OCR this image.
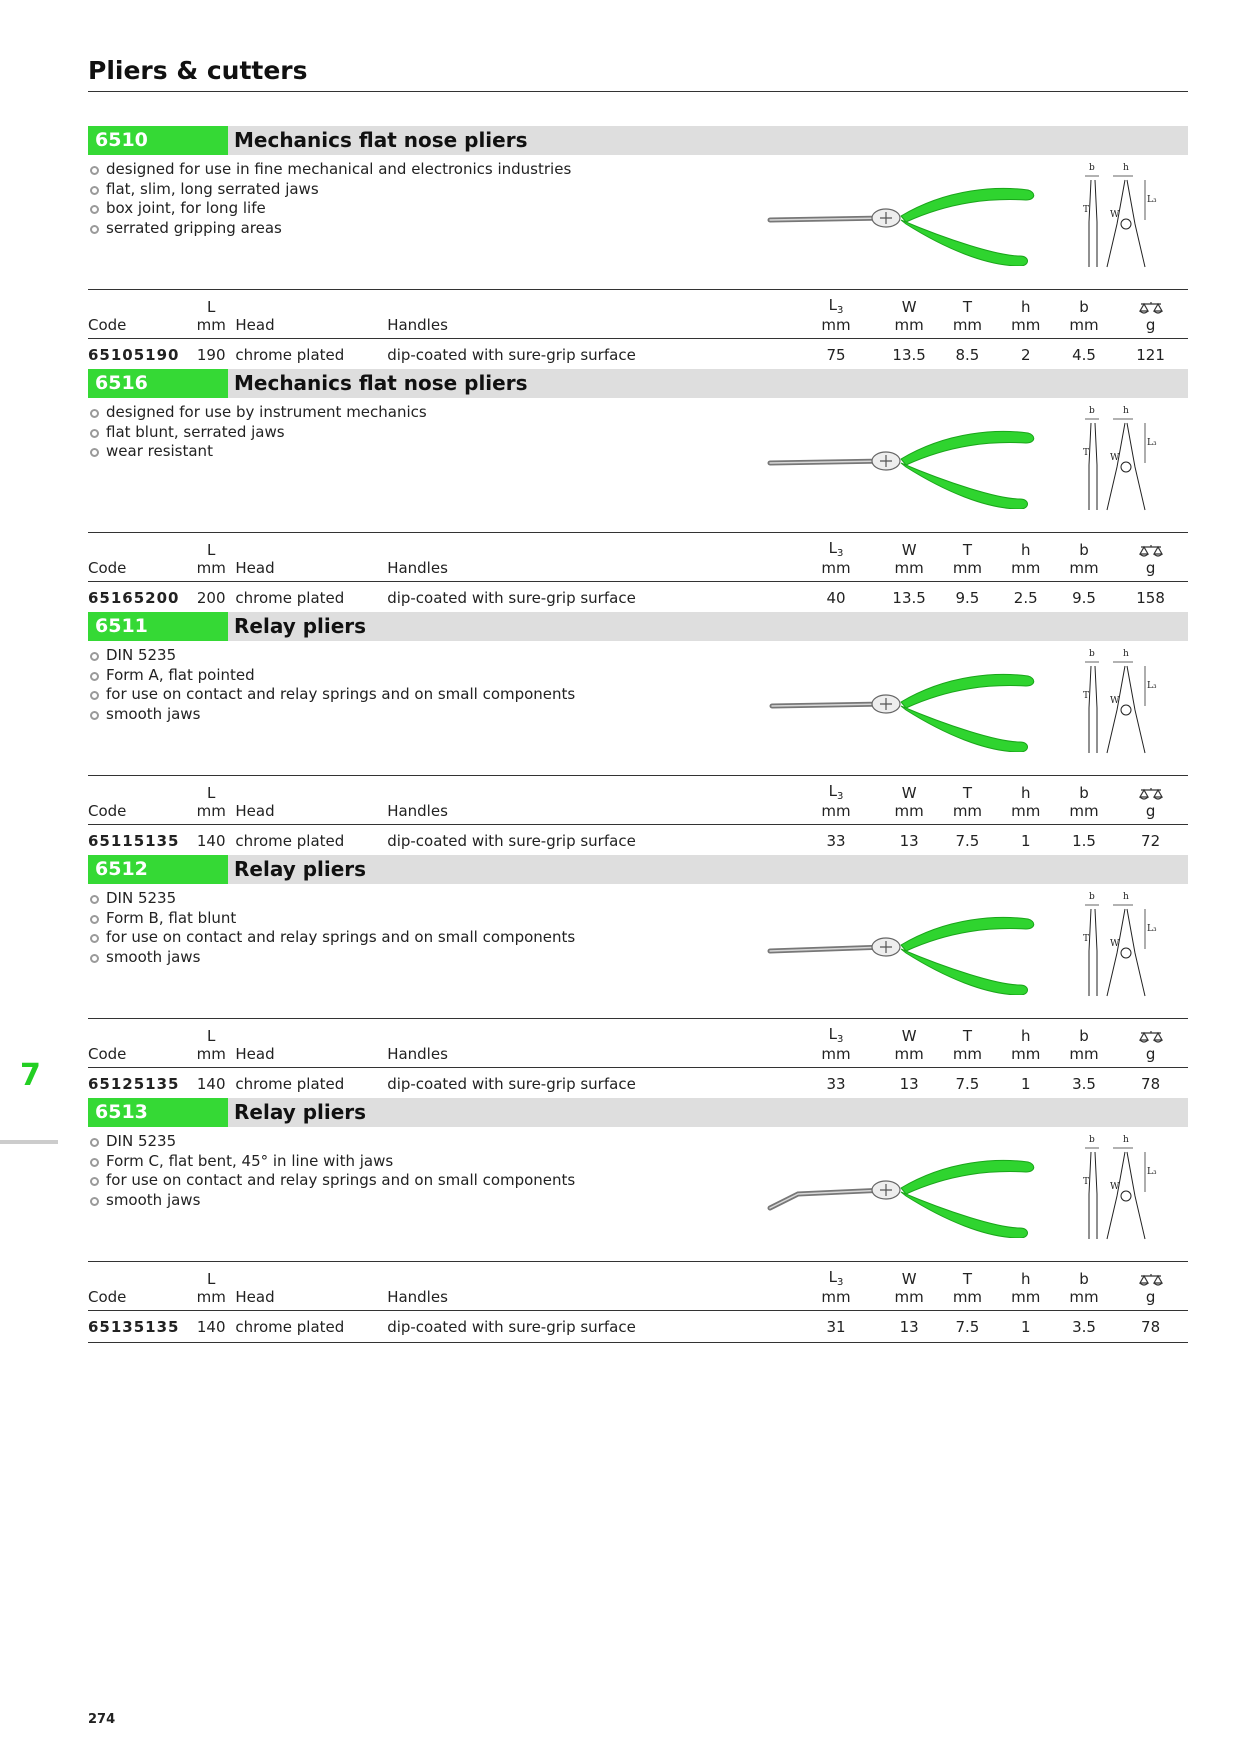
Pliers & cutters
6510	Mechanics flat nose pliers
designed for use in fine mechanical and electronics industries
flat, slim, long serrated jaws
box joint, for long life
serrated gripping areas
b	h
T W
L₃
	L			$L_3$	W	T	h	b	
Code	mm	Head	Handles	mm	mm	mm	mm	mm	g
65105190	190	chrome plated	dip-coated with sure-grip surface	75	13.5	8.5	2	4.5	121
6516	Mechanics flat nose pliers
designed for use by instrument mechanics
flat blunt, serrated jaws
wear resistant
b	h
T W
L₃
	L			$L_3$	W	T	h	b	
Code	mm	Head	Handles	mm	mm	mm	mm	mm	g
65165200	200	chrome plated	dip-coated with sure-grip surface	40	13.5	9.5	2.5	9.5	158
6511	Relay pliers
DIN 5235
Form A, flat pointed
for use on contact and relay springs and on small components
smooth jaws
b	h
T W
L₃
	L			$L_3$	W	T	h	b	
Code	mm	Head	Handles	mm	mm	mm	mm	mm	g
65115135	140	chrome plated	dip-coated with sure-grip surface	33	13	7.5	1	1.5	72
6512	Relay pliers
DIN 5235
Form B, flat blunt
for use on contact and relay springs and on small components
smooth jaws
b	h
T W
L₃
	L			$L_3$	W	T	h	b	
Code	mm	Head	Handles	mm	mm	mm	mm	mm	g
65125135	140	chrome plated	dip-coated with sure-grip surface	33	13	7.5	1	3.5	78
6513	Relay pliers
DIN 5235
Form C, flat bent, 45° in line with jaws
for use on contact and relay springs and on small components
smooth jaws
b	h
T W
L₃
	L			$L_3$	W	T	h	b	
Code	mm	Head	Handles	mm	mm	mm	mm	mm	g
65135135	140	chrome plated	dip-coated with sure-grip surface	31	13	7.5	1	3.5	78
7
274
